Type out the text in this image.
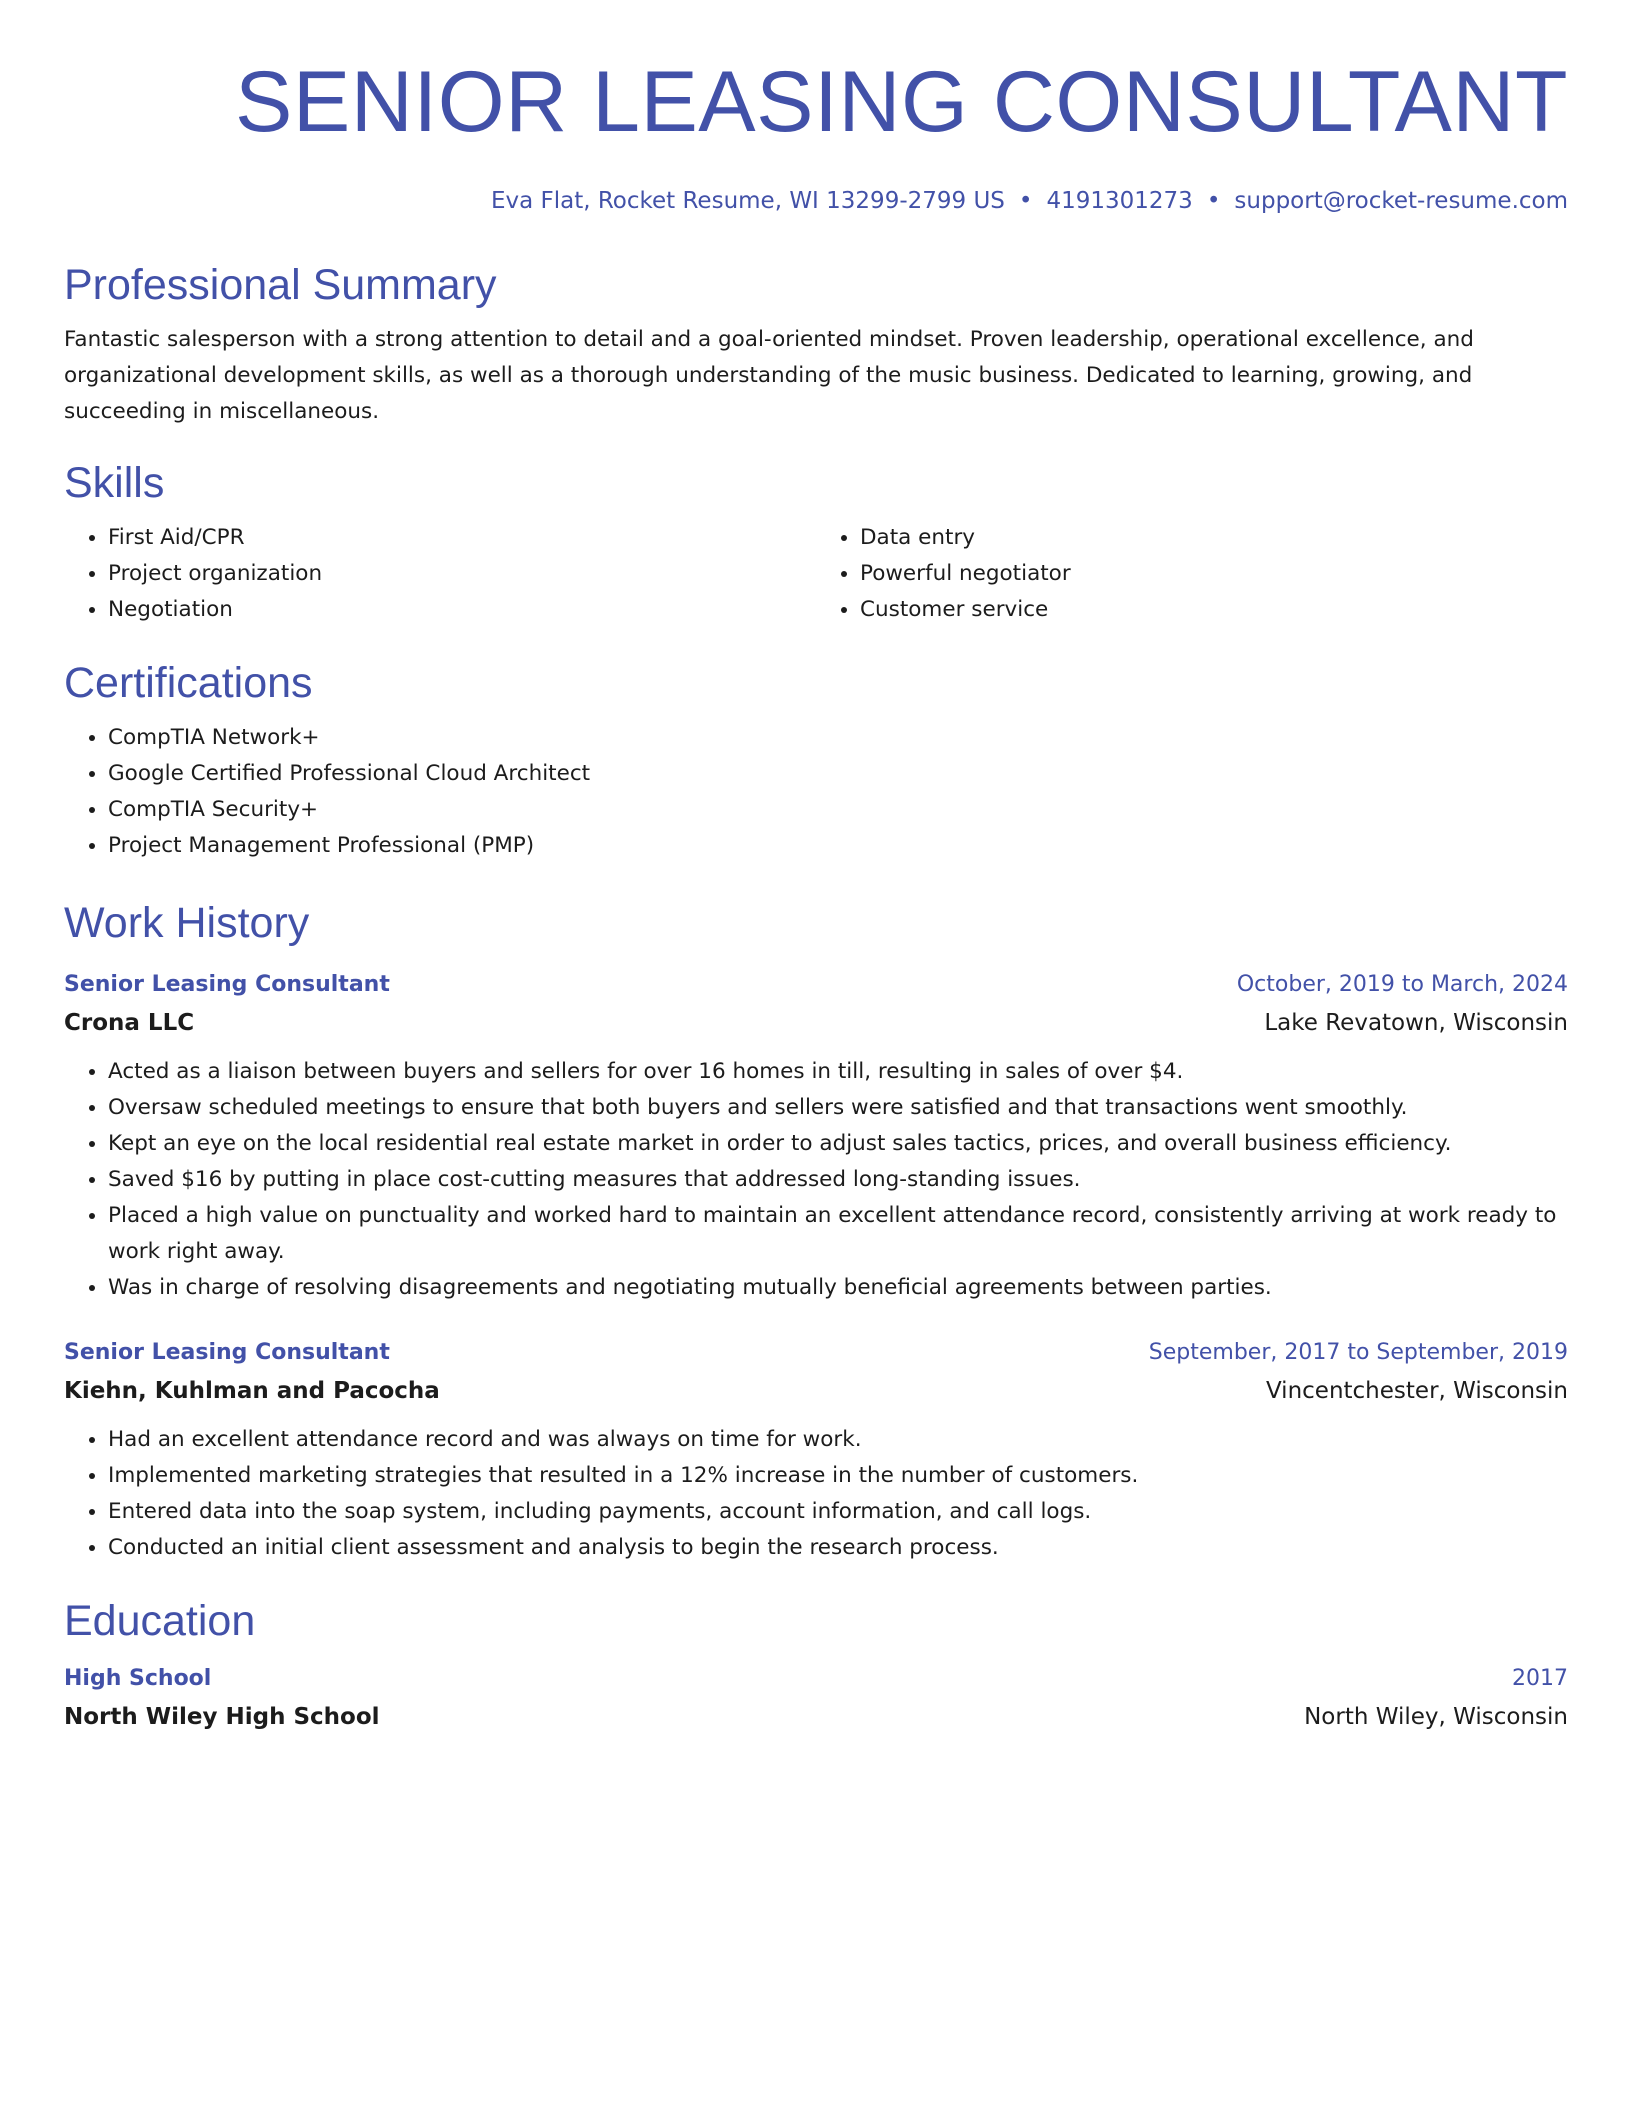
SENIOR LEASING CONSULTANT
Eva Flat, Rocket Resume, WI 13299-2799 US • 4191301273 • support@rocket-resume.com
Professional Summary

Fantastic salesperson with a strong attention to detail and a goal-oriented mindset. Proven leadership, operational excellence, and organizational development skills, as well as a thorough understanding of the music business. Dedicated to learning, growing, and succeeding in miscellaneous.

Skills
• First Aid/CPR
• Project organization
• Negotiation
• Data entry
• Powerful negotiator
• Customer service
Certifications
• CompTIA Network+
• Google Certified Professional Cloud Architect
• CompTIA Security+
• Project Management Professional (PMP)
Work History
Senior Leasing Consultant	October, 2019 to March, 2024
Crona LLC	Lake Revatown, Wisconsin
• Acted as a liaison between buyers and sellers for over 16 homes in till, resulting in sales of over $4.
• Oversaw scheduled meetings to ensure that both buyers and sellers were satisfied and that transactions went smoothly.
• Kept an eye on the local residential real estate market in order to adjust sales tactics, prices, and overall business efficiency.
• Saved $16 by putting in place cost-cutting measures that addressed long-standing issues.
• Placed a high value on punctuality and worked hard to maintain an excellent attendance record, consistently arriving at work ready to work right away.
• Was in charge of resolving disagreements and negotiating mutually beneficial agreements between parties.
Senior Leasing Consultant	September, 2017 to September, 2019
Kiehn, Kuhlman and Pacocha	Vincentchester, Wisconsin
• Had an excellent attendance record and was always on time for work.
• Implemented marketing strategies that resulted in a 12% increase in the number of customers.
• Entered data into the soap system, including payments, account information, and call logs.
• Conducted an initial client assessment and analysis to begin the research process.
Education
High School	2017
North Wiley High School	North Wiley, Wisconsin
